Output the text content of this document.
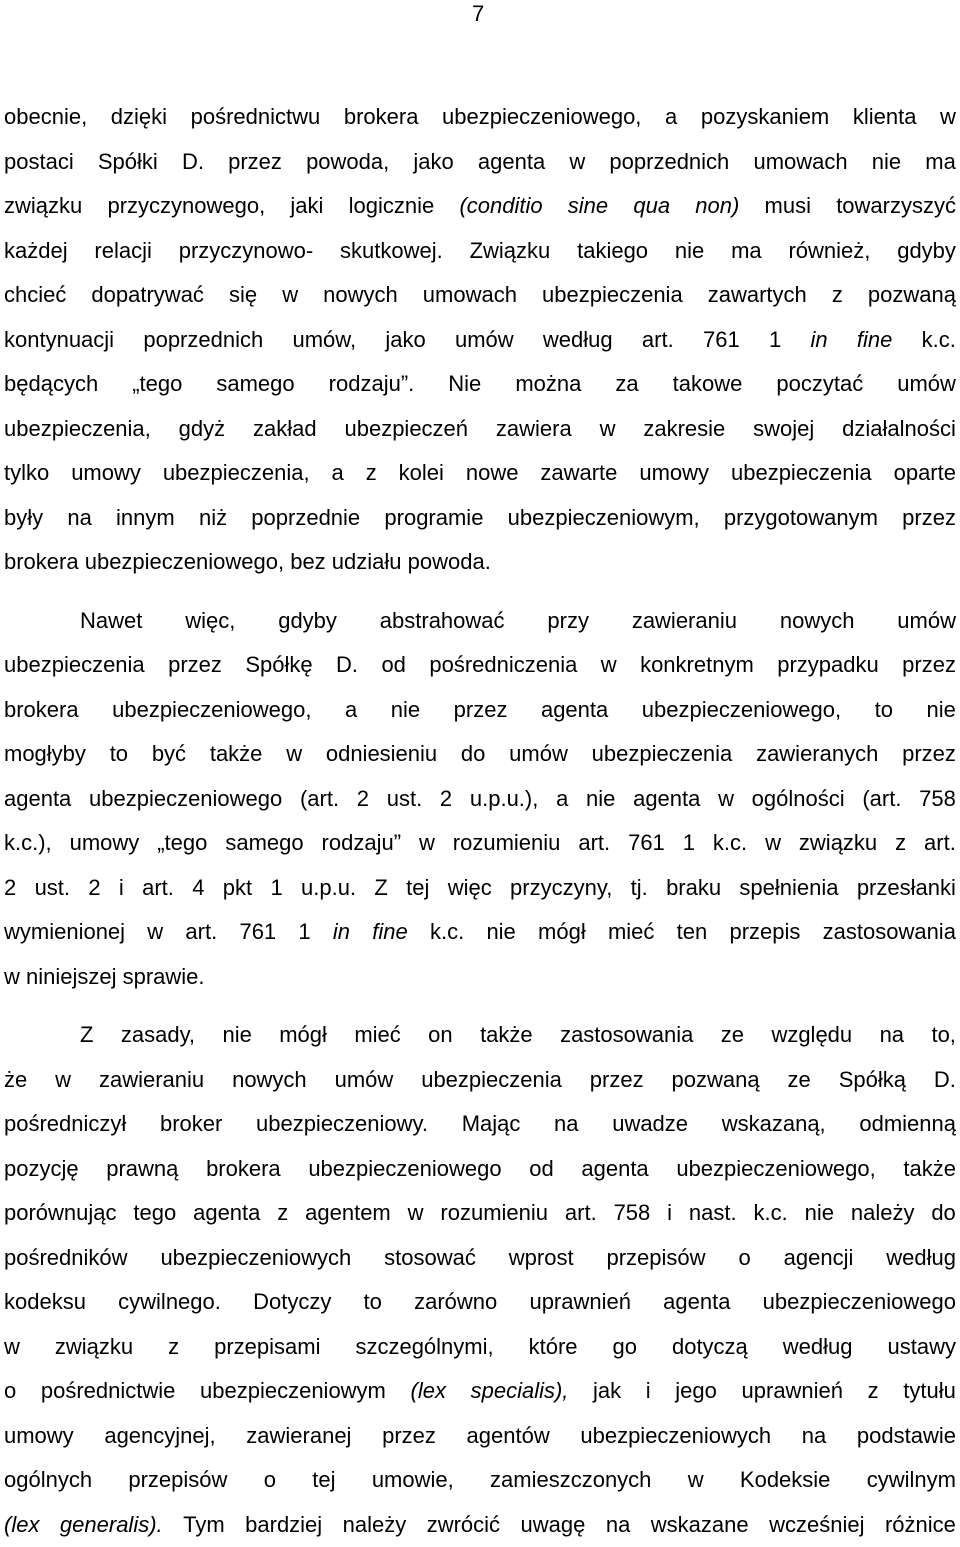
7
obecnie, dzięki pośrednictwu brokera ubezpieczeniowego, a pozyskaniem klienta w
postaci Spółki D. przez powoda, jako agenta w poprzednich umowach nie ma
związku przyczynowego, jaki logicznie (conditio sine qua non) musi towarzyszyć
każdej relacji przyczynowo- skutkowej. Związku takiego nie ma również, gdyby
chcieć dopatrywać się w nowych umowach ubezpieczenia zawartych z pozwaną
kontynuacji poprzednich umów, jako umów według art. 761 1 in fine k.c.
będących „tego samego rodzaju”. Nie można za takowe poczytać umów
ubezpieczenia, gdyż zakład ubezpieczeń zawiera w zakresie swojej działalności
tylko umowy ubezpieczenia, a z kolei nowe zawarte umowy ubezpieczenia oparte
były na innym niż poprzednie programie ubezpieczeniowym, przygotowanym przez
brokera ubezpieczeniowego, bez udziału powoda.
Nawet więc, gdyby abstrahować przy zawieraniu nowych umów
ubezpieczenia przez Spółkę D. od pośredniczenia w konkretnym przypadku przez
brokera ubezpieczeniowego, a nie przez agenta ubezpieczeniowego, to nie
mogłyby to być także w odniesieniu do umów ubezpieczenia zawieranych przez
agenta ubezpieczeniowego (art. 2 ust. 2 u.p.u.), a nie agenta w ogólności (art. 758
k.c.), umowy „tego samego rodzaju” w rozumieniu art. 761 1 k.c. w związku z art.
2 ust. 2 i art. 4 pkt 1 u.p.u. Z tej więc przyczyny, tj. braku spełnienia przesłanki
wymienionej w art. 761 1 in fine k.c. nie mógł mieć ten przepis zastosowania
w niniejszej sprawie.
Z zasady, nie mógł mieć on także zastosowania ze względu na to,
że w zawieraniu nowych umów ubezpieczenia przez pozwaną ze Spółką D.
pośredniczył broker ubezpieczeniowy. Mając na uwadze wskazaną, odmienną
pozycję prawną brokera ubezpieczeniowego od agenta ubezpieczeniowego, także
porównując tego agenta z agentem w rozumieniu art. 758 i nast. k.c. nie należy do
pośredników ubezpieczeniowych stosować wprost przepisów o agencji według
kodeksu cywilnego. Dotyczy to zarówno uprawnień agenta ubezpieczeniowego
w związku z przepisami szczególnymi, które go dotyczą według ustawy
o pośrednictwie ubezpieczeniowym (lex specialis), jak i jego uprawnień z tytułu
umowy agencyjnej, zawieranej przez agentów ubezpieczeniowych na podstawie
ogólnych przepisów o tej umowie, zamieszczonych w Kodeksie cywilnym
(lex generalis). Tym bardziej należy zwrócić uwagę na wskazane wcześniej różnice
